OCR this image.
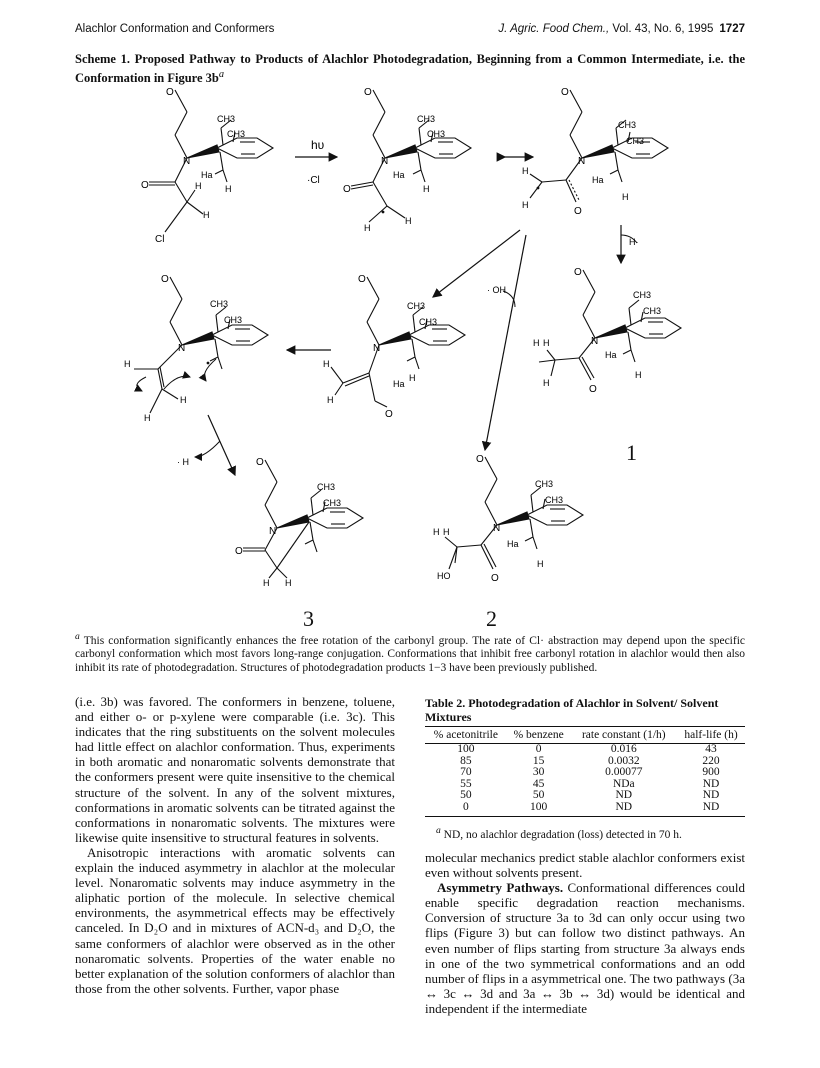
Alachlor Conformation and Conformers	J. Agric. Food Chem., Vol. 43, No. 6, 1995 1727
Scheme 1. Proposed Pathway to Products of Alachlor Photodegradation, Beginning from a Common Intermediate, i.e. the Conformation in Figure $3b^a$
O
N
CH3
CH3
Ha
H
O	H
H
Cl
hυ
·Cl
O
N
CH3
CH3
Ha
H
O
H
H
O
N
CH3
CH3
Ha
H
O
H
H
H·
· OH
O
N
CH3
CH3
Ha
H
O
H H
H
O
N
CH3
CH3
Ha
H
O
H
H
O
N
CH3
CH3
H
H
H
· H	O
N
CH3
CH3
O
H H
O
N
CH3
CH3
Ha
H
O
H H
HO
1
3	2
$^a$ This conformation significantly enhances the free rotation of the carbonyl group. The rate of Cl· abstraction may depend upon the specific carbonyl conformation which most favors long-range conjugation. Conformations that inhibit free carbonyl rotation in alachlor would then also inhibit its rate of photodegradation. Structures of photodegradation products 1−3 have been previously published.

(i.e. 3b) was favored. The conformers in benzene, toluene, and either o- or p-xylene were comparable (i.e. 3c). This indicates that the ring substituents on the solvent molecules had little effect on alachlor conformation. Thus, experiments in both aromatic and nonaromatic solvents demonstrate that the conformers present were quite insensitive to the chemical structure of the solvent. In any of the solvent mixtures, conformations in aromatic solvents can be titrated against the conformations in nonaromatic solvents. The mixtures were likewise quite insensitive to structural features in solvents.

Anisotropic interactions with aromatic solvents can explain the induced asymmetry in alachlor at the molecular level. Nonaromatic solvents may induce asymmetry in the aliphatic portion of the molecule. In selective chemical environments, the asymmetrical effects may be effectively canceled. In D₂O and in mixtures of ACN-d₃ and D₂O, the same conformers of alachlor were observed as in the other nonaromatic solvents. Properties of the water enable no better explanation of the solution conformers of alachlor than those from the other solvents. Further, vapor phase

Table 2. Photodegradation of Alachlor in Solvent/ Solvent Mixtures
% acetonitrile	% benzene	rate constant (1/h)	half-life (h)
100	0	0.016	43
85	15	0.0032	220
70	30	0.00077	900
55	45	NDa	ND
50	50	ND	ND
0	100	ND	ND
$^a$ ND, no alachlor degradation (loss) detected in 70 h.

molecular mechanics predict stable alachlor conformers exist even without solvents present.

Asymmetry Pathways. Conformational differences could enable specific degradation reaction mechanisms. Conversion of structure 3a to 3d can only occur using two flips (Figure 3) but can follow two distinct pathways. An even number of flips starting from structure 3a always ends in one of the two symmetrical conformations and an odd number of flips in a asymmetrical one. The two pathways (3a ↔ 3c ↔ 3d and 3a ↔ 3b ↔ 3d) would be identical and independent if the intermediate
